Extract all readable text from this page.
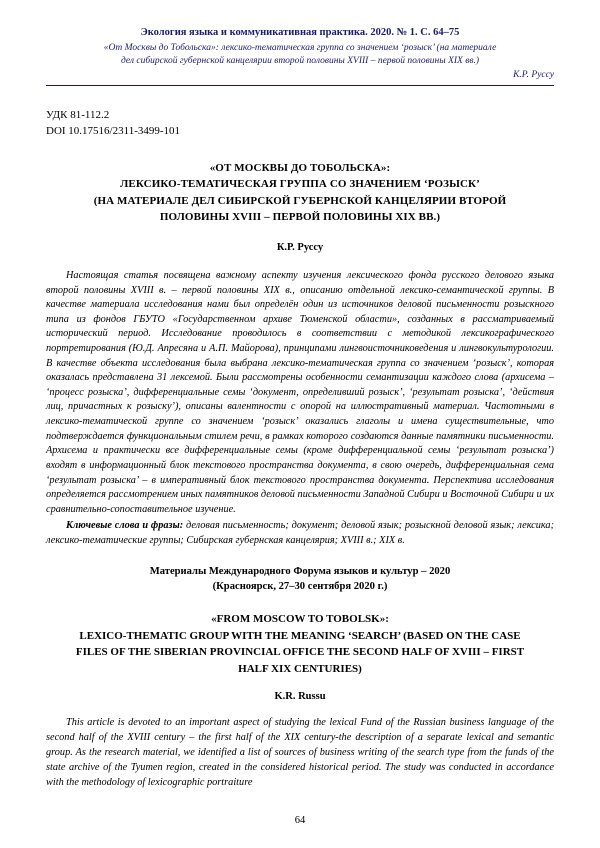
Экология языка и коммуникативная практика. 2020. № 1. С. 64–75
«От Москвы до Тобольска»: лексико-тематическая группа со значением ‘розыск’ (на материале
дел сибирской губернской канцелярии второй половины XVIII – первой половины XIX вв.)
К.Р. Руссу
УДК 81-112.2
DOI 10.17516/2311-3499-101
«ОТ МОСКВЫ ДО ТОБОЛЬСКА»:
ЛЕКСИКО-ТЕМАТИЧЕСКАЯ ГРУППА СО ЗНАЧЕНИЕМ ‘РОЗЫСК’
(НА МАТЕРИАЛЕ ДЕЛ СИБИРСКОЙ ГУБЕРНСКОЙ КАНЦЕЛЯРИИ ВТОРОЙ
ПОЛОВИНЫ XVIII – ПЕРВОЙ ПОЛОВИНЫ XIX ВВ.)
К.Р. Руссу
Настоящая статья посвящена важному аспекту изучения лексического фонда русского делового языка второй половины XVIII в. – первой половины XIX в., описанию отдельной лексико-семантической группы. В качестве материала исследования нами был определён один из источников деловой письменности розыскного типа из фондов ГБУТО «Государственном архиве Тюменской области», созданных в рассматриваемый исторический период. Исследование проводилось в соответствии с методикой лексикографического портретирования (Ю.Д. Апресяна и А.П. Майорова), принципами лингвоисточниковедения и лингвокультурологии. В качестве объекта исследования была выбрана лексико-тематическая группа со значением ‘розыск’, которая оказалась представлена 31 лексемой. Были рассмотрены особенности семантизации каждого слова (архисема – ‘процесс розыска’, дифференциальные семы ‘документ, определивший розыск’, ‘результат розыска’, ‘действия лиц, причастных к розыску’), описаны валентности с опорой на иллюстративный материал. Частотными в лексико-тематической группе со значением ‘розыск’ оказались глаголы и имена существительные, что подтверждается функциональным стилем речи, в рамках которого создаются данные памятники письменности. Архисема и практически все дифференциальные семы (кроме дифференциальной семы ‘результат розыска’) входят в информационный блок текстового пространства документа, в свою очередь, дифференциальная сема ‘результат розыска’ – в императивный блок текстового пространства документа. Перспектива исследования определяется рассмотрением иных памятников деловой письменности Западной Сибири и Восточной Сибири и их сравнительно-сопоставительное изучение.
Ключевые слова и фразы: деловая письменность; документ; деловой язык; розыскной деловой язык; лексика; лексико-тематические группы; Сибирская губернская канцелярия; XVIII в.; XIX в.
Материалы Международного Форума языков и культур – 2020
(Красноярск, 27–30 сентября 2020 г.)
«FROM MOSCOW TO TOBOLSK»:
LEXICO-THEMATIC GROUP WITH THE MEANING ‘SEARCH’ (BASED ON THE CASE
FILES OF THE SIBERIAN PROVINCIAL OFFICE THE SECOND HALF OF XVIII – FIRST
HALF XIX CENTURIES)
K.R. Russu
This article is devoted to an important aspect of studying the lexical Fund of the Russian business language of the second half of the XVIII century – the first half of the XIX century-the description of a separate lexical and semantic group. As the research material, we identified a list of sources of business writing of the search type from the funds of the state archive of the Tyumen region, created in the considered historical period. The study was conducted in accordance with the methodology of lexicographic portraiture
64
